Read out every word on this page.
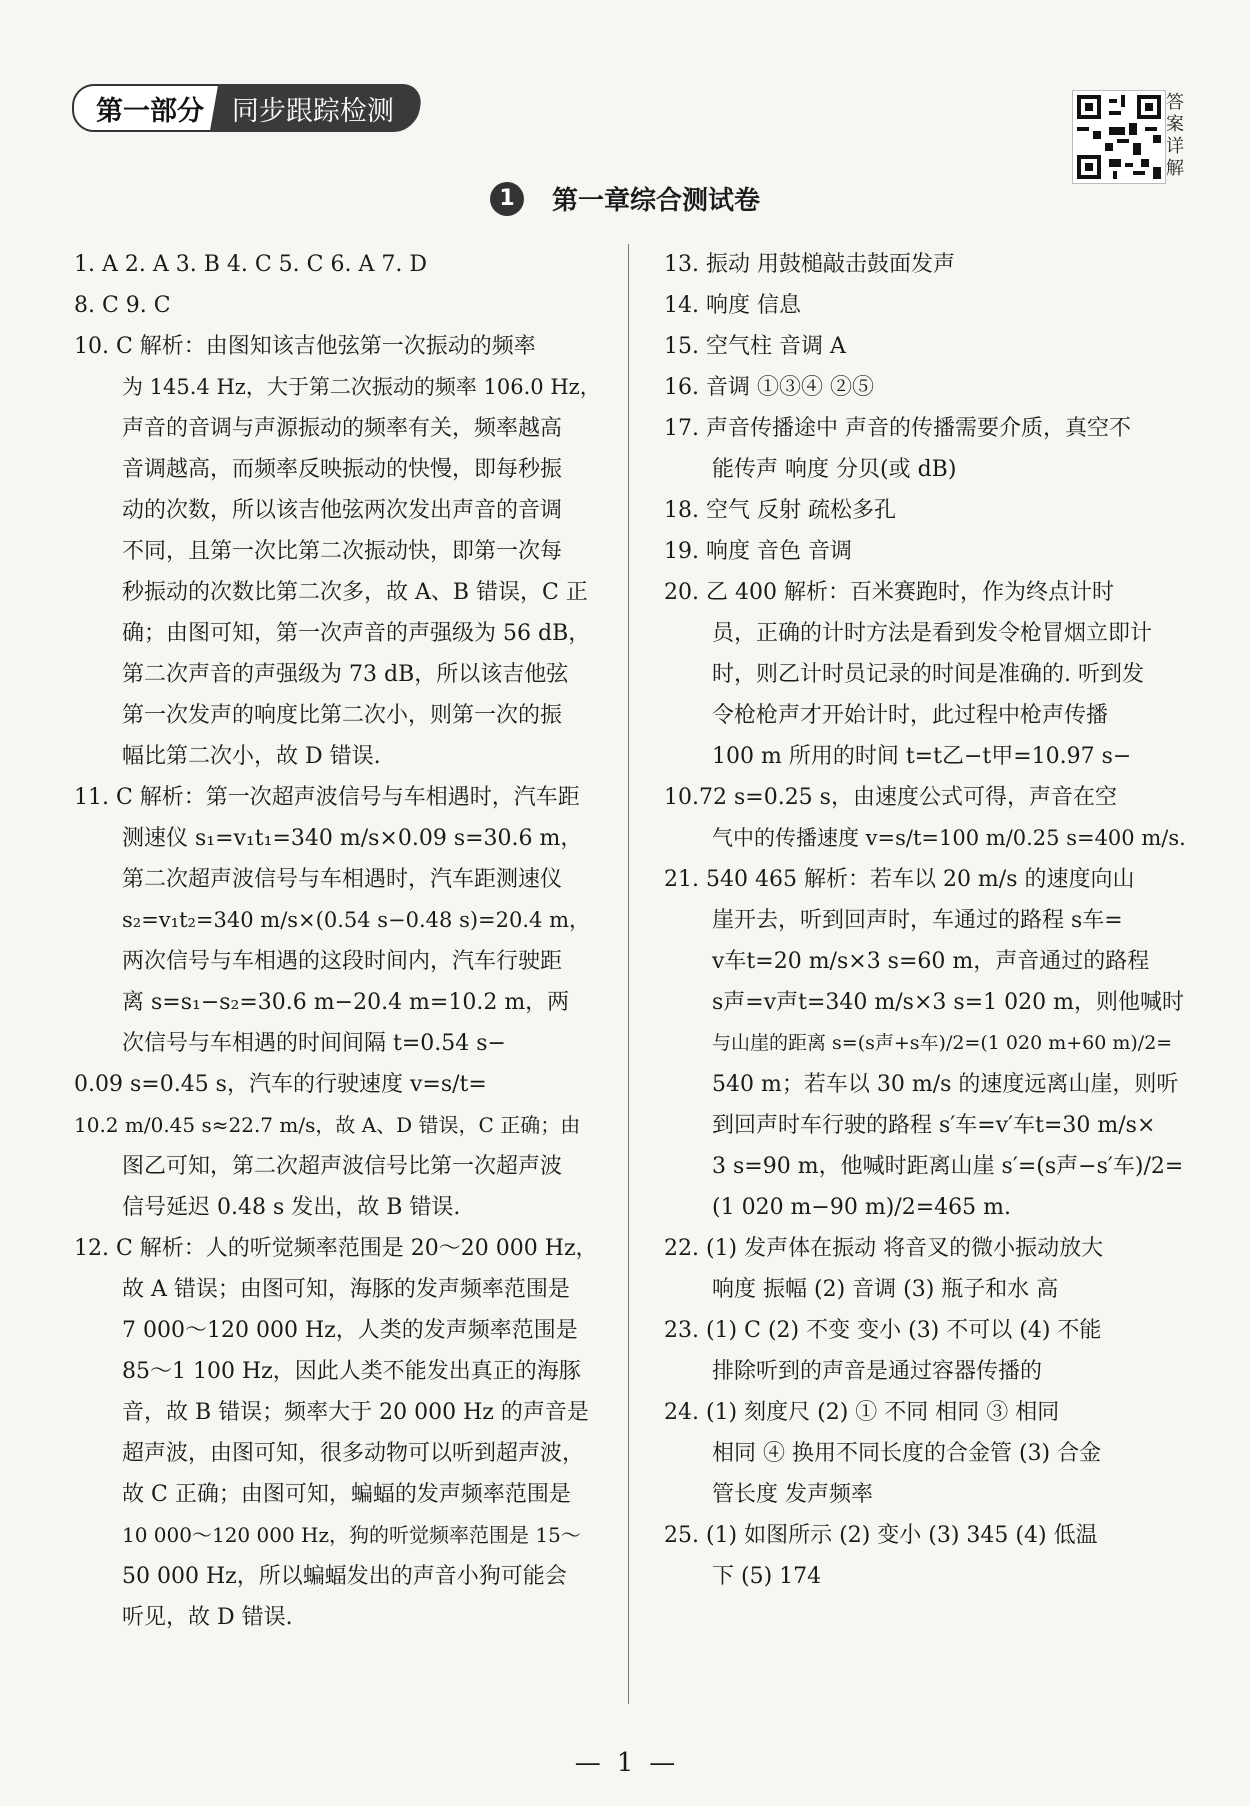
第一部分	同步跟踪检测	答案详解
1	第一章综合测试卷
1. A 2. A 3. B 4. C 5. C 6. A 7. D
8. C 9. C
10. C 解析：由图知该吉他弦第一次振动的频率
为 145.4 Hz，大于第二次振动的频率 106.0 Hz，
声音的音调与声源振动的频率有关，频率越高
音调越高，而频率反映振动的快慢，即每秒振
动的次数，所以该吉他弦两次发出声音的音调
不同，且第一次比第二次振动快，即第一次每
秒振动的次数比第二次多，故 A、B 错误，C 正
确；由图可知，第一次声音的声强级为 56 dB，
第二次声音的声强级为 73 dB，所以该吉他弦
第一次发声的响度比第二次小，则第一次的振
幅比第二次小，故 D 错误.
11. C 解析：第一次超声波信号与车相遇时，汽车距
测速仪 s₁=v₁t₁=340 m/s×0.09 s=30.6 m，
第二次超声波信号与车相遇时，汽车距测速仪
s₂=v₁t₂=340 m/s×(0.54 s−0.48 s)=20.4 m，
两次信号与车相遇的这段时间内，汽车行驶距
离 s=s₁−s₂=30.6 m−20.4 m=10.2 m，两
次信号与车相遇的时间间隔 t=0.54 s−
0.09 s=0.45 s，汽车的行驶速度 v=s/t=
10.2 m/0.45 s≈22.7 m/s，故 A、D 错误，C 正确；由
图乙可知，第二次超声波信号比第一次超声波
信号延迟 0.48 s 发出，故 B 错误.
12. C 解析：人的听觉频率范围是 20～20 000 Hz，
故 A 错误；由图可知，海豚的发声频率范围是
7 000～120 000 Hz，人类的发声频率范围是
85～1 100 Hz，因此人类不能发出真正的海豚
音，故 B 错误；频率大于 20 000 Hz 的声音是
超声波，由图可知，很多动物可以听到超声波，
故 C 正确；由图可知，蝙蝠的发声频率范围是
10 000～120 000 Hz，狗的听觉频率范围是 15～
50 000 Hz，所以蝙蝠发出的声音小狗可能会
听见，故 D 错误.
13. 振动 用鼓槌敲击鼓面发声
14. 响度 信息
15. 空气柱 音调 A
16. 音调 ①③④ ②⑤
17. 声音传播途中 声音的传播需要介质，真空不
能传声 响度 分贝(或 dB)
18. 空气 反射 疏松多孔
19. 响度 音色 音调
20. 乙 400 解析：百米赛跑时，作为终点计时
员，正确的计时方法是看到发令枪冒烟立即计
时，则乙计时员记录的时间是准确的. 听到发
令枪枪声才开始计时，此过程中枪声传播
100 m 所用的时间 t=t乙−t甲=10.97 s−
10.72 s=0.25 s，由速度公式可得，声音在空
气中的传播速度 v=s/t=100 m/0.25 s=400 m/s.
21. 540 465 解析：若车以 20 m/s 的速度向山
崖开去，听到回声时，车通过的路程 s车=
v车t=20 m/s×3 s=60 m，声音通过的路程
s声=v声t=340 m/s×3 s=1 020 m，则他喊时
与山崖的距离 s=(s声+s车)/2=(1 020 m+60 m)/2=
540 m；若车以 30 m/s 的速度远离山崖，则听
到回声时车行驶的路程 s′车=v′车t=30 m/s×
3 s=90 m，他喊时距离山崖 s′=(s声−s′车)/2=
(1 020 m−90 m)/2=465 m.
22. (1) 发声体在振动 将音叉的微小振动放大
响度 振幅 (2) 音调 (3) 瓶子和水 高
23. (1) C (2) 不变 变小 (3) 不可以 (4) 不能
排除听到的声音是通过容器传播的
24. (1) 刻度尺 (2) ① 不同 相同 ③ 相同
相同 ④ 换用不同长度的合金管 (3) 合金
管长度 发声频率
25. (1) 如图所示 (2) 变小 (3) 345 (4) 低温
下 (5) 174
— 1 —
